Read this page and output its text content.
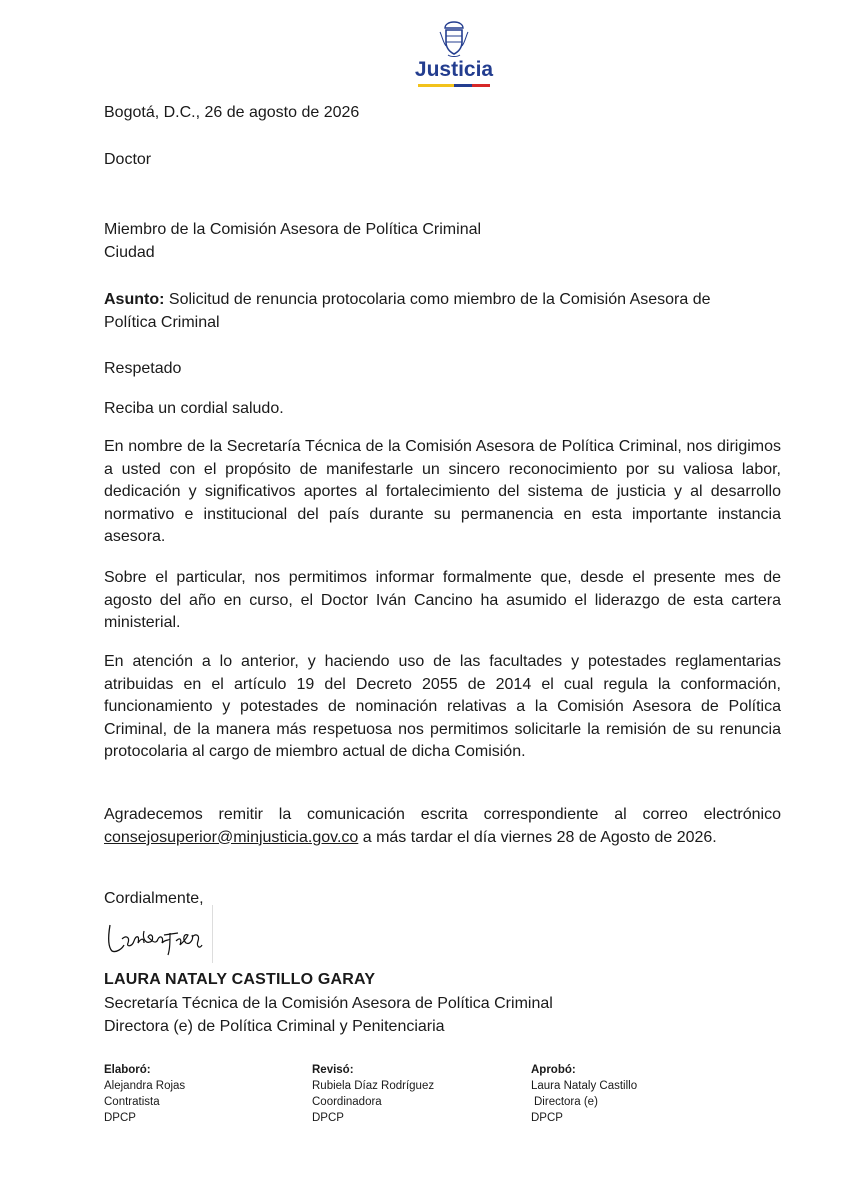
Justicia
Bogotá, D.C., 26 de agosto de 2026
Doctor
Miembro de la Comisión Asesora de Política Criminal
Ciudad

Asunto: Solicitud de renuncia protocolaria como miembro de la Comisión Asesora de Política Criminal

Respetado
Reciba un cordial saludo.

En nombre de la Secretaría Técnica de la Comisión Asesora de Política Criminal, nos dirigimos a usted con el propósito de manifestarle un sincero reconocimiento por su valiosa labor, dedicación y significativos aportes al fortalecimiento del sistema de justicia y al desarrollo normativo e institucional del país durante su permanencia en esta importante instancia asesora.

Sobre el particular, nos permitimos informar formalmente que, desde el presente mes de agosto del año en curso, el Doctor Iván Cancino ha asumido el liderazgo de esta cartera ministerial.

En atención a lo anterior, y haciendo uso de las facultades y potestades reglamentarias atribuidas en el artículo 19 del Decreto 2055 de 2014 el cual regula la conformación, funcionamiento y potestades de nominación relativas a la Comisión Asesora de Política Criminal, de la manera más respetuosa nos permitimos solicitarle la remisión de su renuncia protocolaria al cargo de miembro actual de dicha Comisión.

Agradecemos remitir la comunicación escrita correspondiente al correo electrónico consejosuperior@minjusticia.gov.co a más tardar el día viernes 28 de Agosto de 2026.

Cordialmente,
LAURA NATALY CASTILLO GARAY
Secretaría Técnica de la Comisión Asesora de Política Criminal
Directora (e) de Política Criminal y Penitenciaria
Elaboró:
Alejandra Rojas
Contratista
DPCP
Revisó:
Rubiela Díaz Rodríguez
Coordinadora
DPCP
Aprobó:
Laura Nataly Castillo
Directora (e)
DPCP
